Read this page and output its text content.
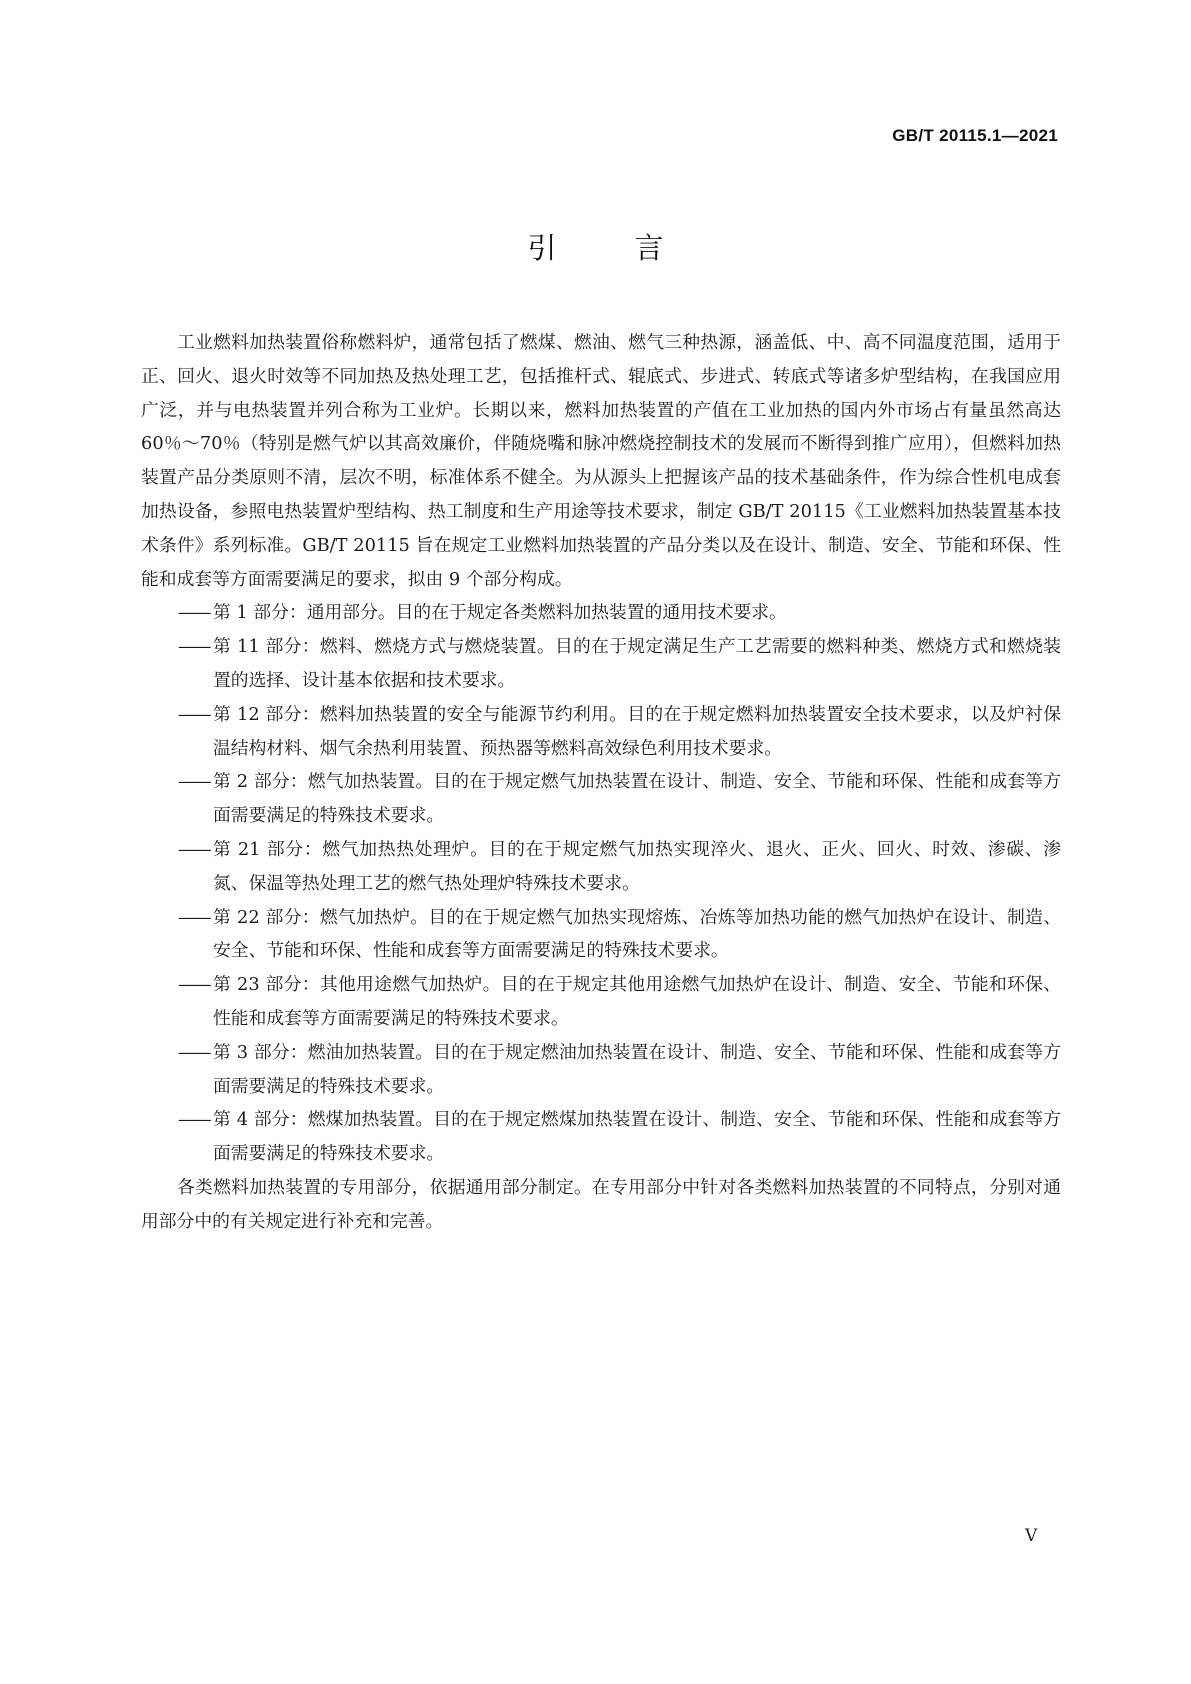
GB/T 20115.1—2021
引	言

工业燃料加热装置俗称燃料炉，通常包括了燃煤、燃油、燃气三种热源，涵盖低、中、高不同温度范围，适用于正、回火、退火时效等不同加热及热处理工艺，包括推杆式、辊底式、步进式、转底式等诸多炉型结构，在我国应用广泛，并与电热装置并列合称为工业炉。长期以来，燃料加热装置的产值在工业加热的国内外市场占有量虽然高达 60％～70％（特别是燃气炉以其高效廉价，伴随烧嘴和脉冲燃烧控制技术的发展而不断得到推广应用），但燃料加热装置产品分类原则不清，层次不明，标准体系不健全。为从源头上把握该产品的技术基础条件，作为综合性机电成套加热设备，参照电热装置炉型结构、热工制度和生产用途等技术要求，制定 GB/T 20115《工业燃料加热装置基本技术条件》系列标准。GB/T 20115 旨在规定工业燃料加热装置的产品分类以及在设计、制造、安全、节能和环保、性能和成套等方面需要满足的要求，拟由 9 个部分构成。

—— 第 1 部分：通用部分。目的在于规定各类燃料加热装置的通用技术要求。
—— 第 11 部分：燃料、燃烧方式与燃烧装置。目的在于规定满足生产工艺需要的燃料种类、燃烧方式和燃烧装置的选择、设计基本依据和技术要求。
—— 第 12 部分：燃料加热装置的安全与能源节约利用。目的在于规定燃料加热装置安全技术要求，以及炉衬保温结构材料、烟气余热利用装置、预热器等燃料高效绿色利用技术要求。
—— 第 2 部分：燃气加热装置。目的在于规定燃气加热装置在设计、制造、安全、节能和环保、性能和成套等方面需要满足的特殊技术要求。
—— 第 21 部分：燃气加热热处理炉。目的在于规定燃气加热实现淬火、退火、正火、回火、时效、渗碳、渗氮、保温等热处理工艺的燃气热处理炉特殊技术要求。
—— 第 22 部分：燃气加热炉。目的在于规定燃气加热实现熔炼、冶炼等加热功能的燃气加热炉在设计、制造、安全、节能和环保、性能和成套等方面需要满足的特殊技术要求。
—— 第 23 部分：其他用途燃气加热炉。目的在于规定其他用途燃气加热炉在设计、制造、安全、节能和环保、性能和成套等方面需要满足的特殊技术要求。
—— 第 3 部分：燃油加热装置。目的在于规定燃油加热装置在设计、制造、安全、节能和环保、性能和成套等方面需要满足的特殊技术要求。
—— 第 4 部分：燃煤加热装置。目的在于规定燃煤加热装置在设计、制造、安全、节能和环保、性能和成套等方面需要满足的特殊技术要求。

各类燃料加热装置的专用部分，依据通用部分制定。在专用部分中针对各类燃料加热装置的不同特点，分别对通用部分中的有关规定进行补充和完善。

V
